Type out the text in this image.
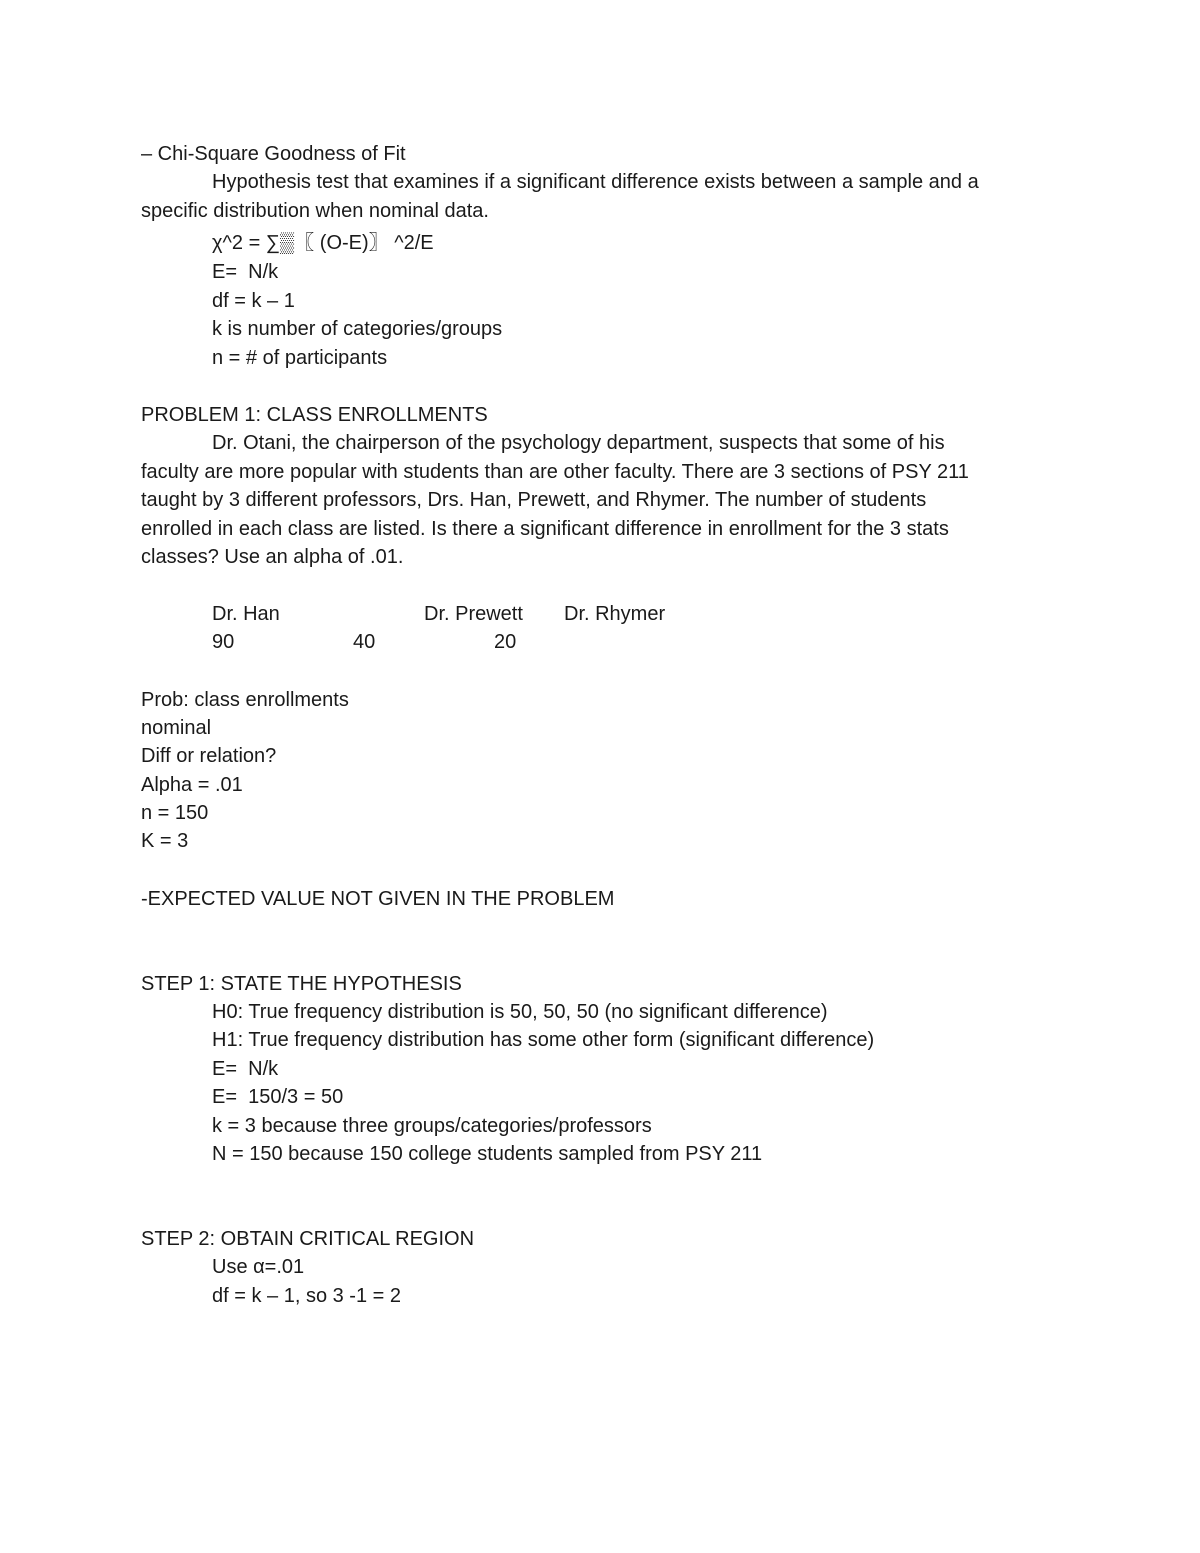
– Chi-Square Goodness of Fit
Hypothesis test that examines if a significant difference exists between a sample and a
specific distribution when nominal data.
χ^2 = ∑▒〖 (O-E)〗 ^2/E
E=  N/k
df = k – 1
k is number of categories/groups
n = # of participants
PROBLEM 1: CLASS ENROLLMENTS
Dr. Otani, the chairperson of the psychology department, suspects that some of his
faculty are more popular with students than are other faculty. There are 3 sections of PSY 211
taught by 3 different professors, Drs. Han, Prewett, and Rhymer. The number of students
enrolled in each class are listed. Is there a significant difference in enrollment for the 3 stats
classes? Use an alpha of .01.
Dr. Han	Dr. Prewett Dr. Rhymer
90	40	20
Prob: class enrollments
nominal
Diff or relation?
Alpha = .01
n = 150
K = 3
-EXPECTED VALUE NOT GIVEN IN THE PROBLEM
STEP 1: STATE THE HYPOTHESIS
H0: True frequency distribution is 50, 50, 50 (no significant difference)
H1: True frequency distribution has some other form (significant difference)
E=  N/k
E=  150/3 = 50
k = 3 because three groups/categories/professors
N = 150 because 150 college students sampled from PSY 211
STEP 2: OBTAIN CRITICAL REGION
Use α=.01
df = k – 1, so 3 -1 = 2
